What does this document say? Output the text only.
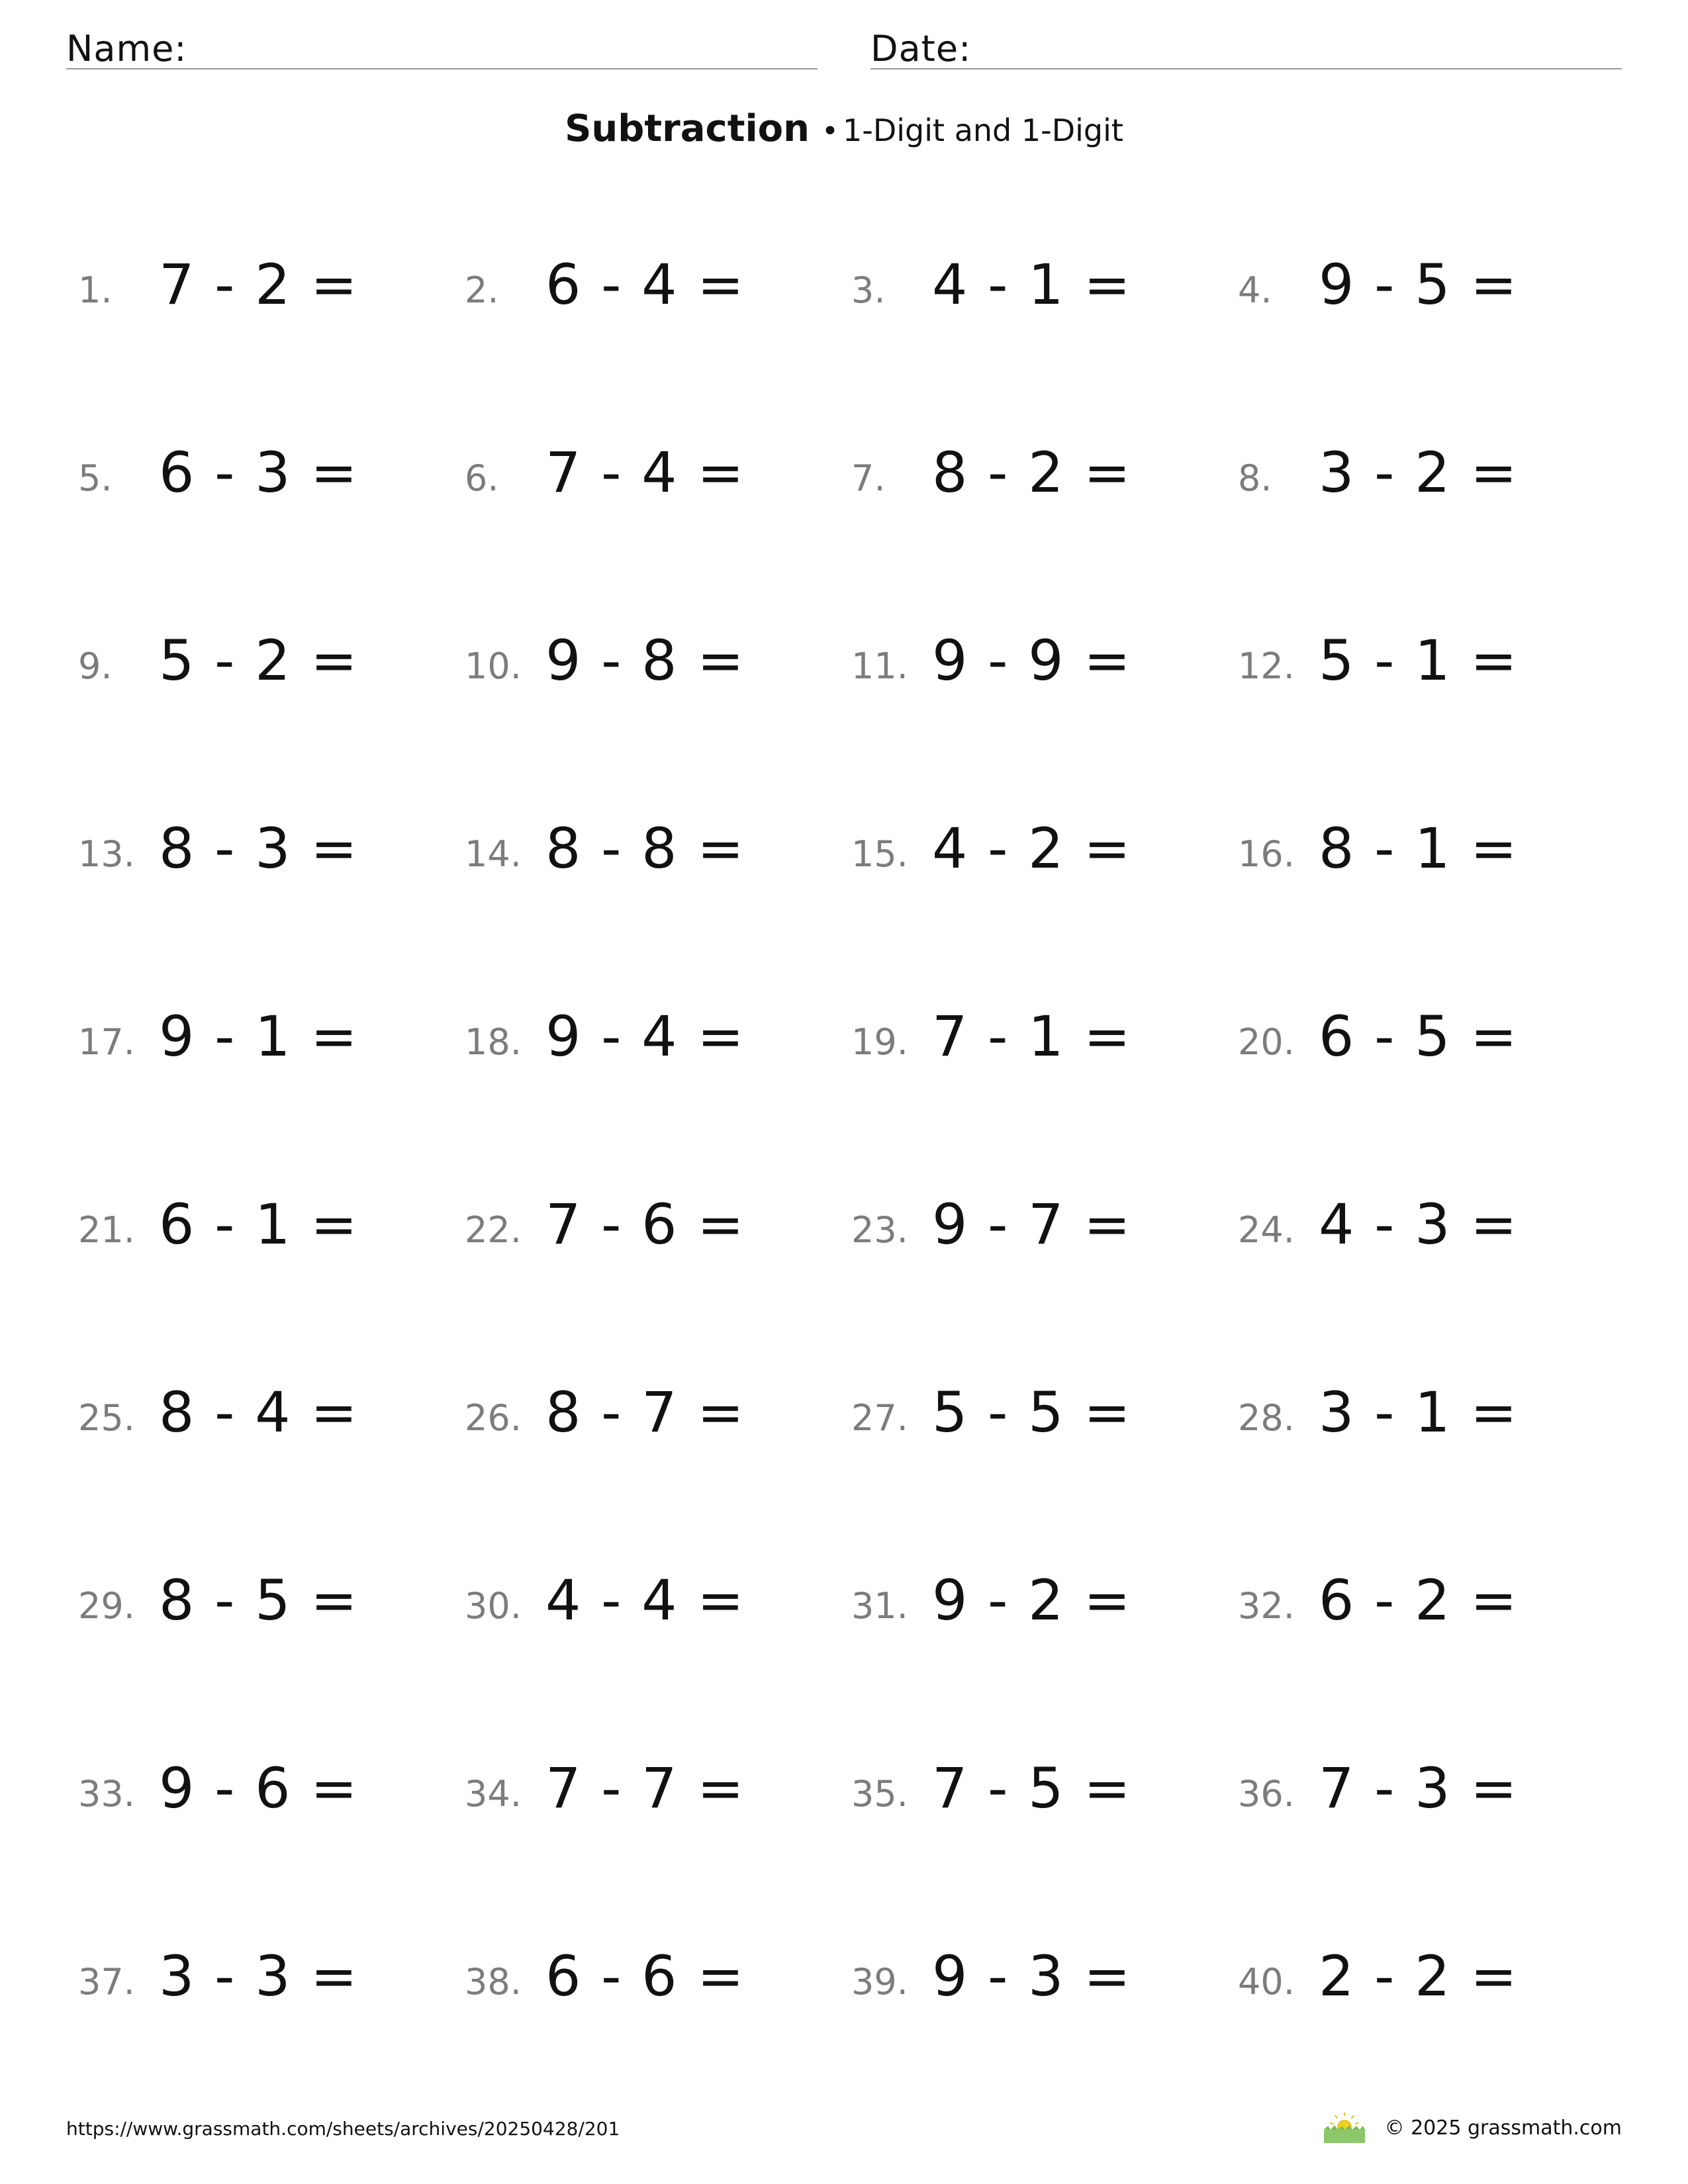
Name:	Date:
Subtraction • 1-Digit and 1-Digit
1. 7 - 2 =	2. 6 - 4 =	3. 4 - 1 =	4. 9 - 5 =
5. 6 - 3 =	6. 7 - 4 =	7. 8 - 2 =	8. 3 - 2 =
9. 5 - 2 =	10. 9 - 8 =	11. 9 - 9 =	12. 5 - 1 =
13. 8 - 3 =	14. 8 - 8 =	15. 4 - 2 =	16. 8 - 1 =
17. 9 - 1 =	18. 9 - 4 =	19. 7 - 1 =	20. 6 - 5 =
21. 6 - 1 =	22. 7 - 6 =	23. 9 - 7 =	24. 4 - 3 =
25. 8 - 4 =	26. 8 - 7 =	27. 5 - 5 =	28. 3 - 1 =
29. 8 - 5 =	30. 4 - 4 =	31. 9 - 2 =	32. 6 - 2 =
33. 9 - 6 =	34. 7 - 7 =	35. 7 - 5 =	36. 7 - 3 =
37. 3 - 3 =	38. 6 - 6 =	39. 9 - 3 =	40. 2 - 2 =
https://www.grassmath.com/sheets/archives/20250428/201	© 2025 grassmath.com
